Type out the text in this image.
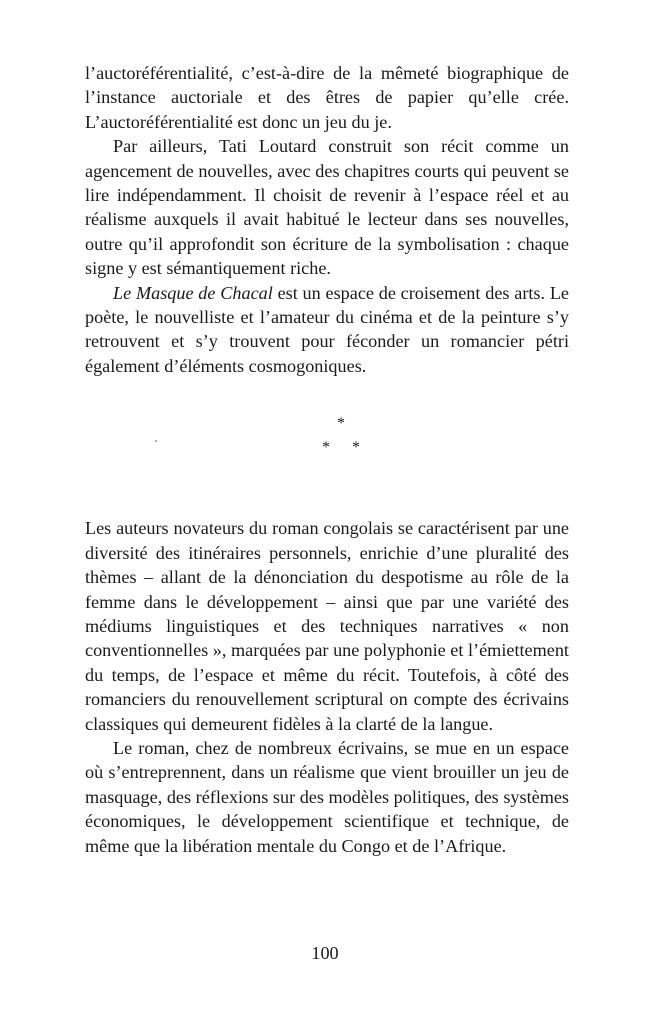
l’auctoréférentialité, c’est-à-dire de la mêmeté biographique de l’instance auctoriale et des êtres de papier qu’elle crée. L’auctoréférentialité est donc un jeu du je.

Par ailleurs, Tati Loutard construit son récit comme un agencement de nouvelles, avec des chapitres courts qui peuvent se lire indépendamment. Il choisit de revenir à l’espace réel et au réalisme auxquels il avait habitué le lecteur dans ses nouvelles, outre qu’il approfondit son écriture de la symbolisation : chaque signe y est sémantiquement riche.

Le Masque de Chacal est un espace de croisement des arts. Le poète, le nouvelliste et l’amateur du cinéma et de la peinture s’y retrouvent et s’y trouvent pour féconder un romancier pétri également d’éléments cosmogoniques.

*
* *

Les auteurs novateurs du roman congolais se caractérisent par une diversité des itinéraires personnels, enrichie d’une pluralité des thèmes – allant de la dénonciation du despotisme au rôle de la femme dans le développement – ainsi que par une variété des médiums linguistiques et des techniques narratives « non conventionnelles », marquées par une polyphonie et l’émiettement du temps, de l’espace et même du récit. Toutefois, à côté des romanciers du renouvellement scriptural on compte des écrivains classiques qui demeurent fidèles à la clarté de la langue.

Le roman, chez de nombreux écrivains, se mue en un espace où s’entreprennent, dans un réalisme que vient brouiller un jeu de masquage, des réflexions sur des modèles politiques, des systèmes économiques, le développement scientifique et technique, de même que la libération mentale du Congo et de l’Afrique.

100
